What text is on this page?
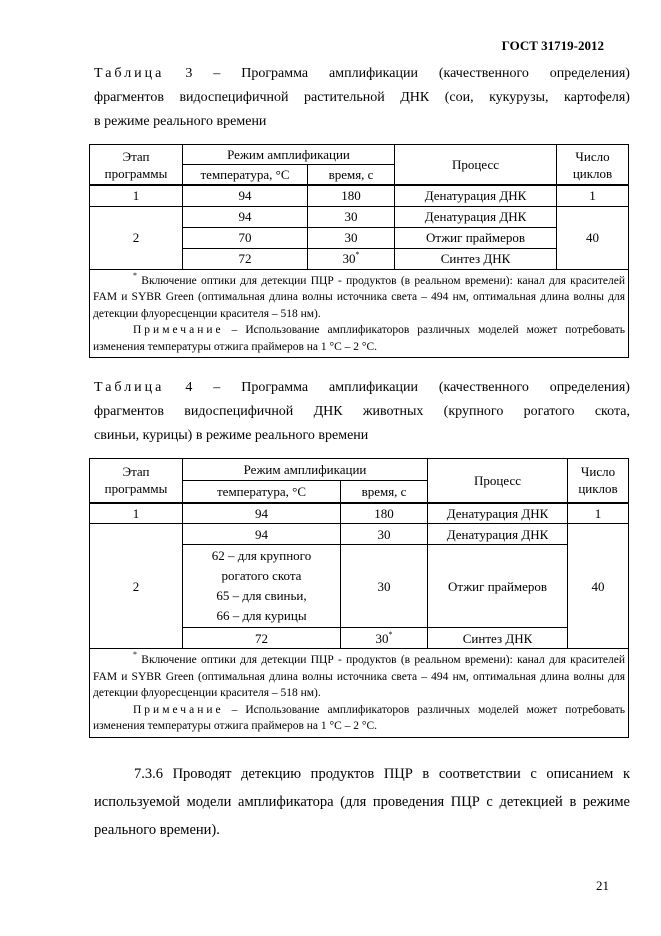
ГОСТ 31719-2012
Таблица 3 – Программа амплификации (качественного определения)
фрагментов видоспецифичной растительной ДНК (сои, кукурузы, картофеля)
в режиме реального времени
Этап
программы	Режим амплификации		Процесс	Число
циклов
	температура, °С	время, с		
1	94	180	Денатурация ДНК	1
2	94	30	Денатурация ДНК	40
	70	30	Отжиг праймеров	
	72	30*	Синтез ДНК	

* Включение оптики для детекции ПЦР - продуктов (в реальном времени): канал для красителей FAM и SYBR Green (оптимальная длина волны источника света – 494 нм, оптимальная длина волны для детекции флуоресценции красителя – 518 нм).

Примечание – Использование амплификаторов различных моделей может потребовать изменения температуры отжига праймеров на 1 °С – 2 °С.				

Таблица 4 – Программа амплификации (качественного определения)
фрагментов видоспецифичной ДНК животных (крупного рогатого скота,
свиньи, курицы) в режиме реального времени
Этап
программы	Режим амплификации		Процесс	Число
циклов
	температура, °С	время, с		
1	94	180	Денатурация ДНК	1
2	94	30	Денатурация ДНК	40
	62 – для крупного
рогатого скота
65 – для свиньи,
66 – для курицы	30	Отжиг праймеров	
	72	30*	Синтез ДНК	

* Включение оптики для детекции ПЦР - продуктов (в реальном времени): канал для красителей FAM и SYBR Green (оптимальная длина волны источника света – 494 нм, оптимальная длина волны для детекции флуоресценции красителя – 518 нм).

Примечание – Использование амплификаторов различных моделей может потребовать изменения температуры отжига праймеров на 1 °С – 2 °С.				

7.3.6 Проводят детекцию продуктов ПЦР в соответствии с описанием к используемой модели амплификатора (для проведения ПЦР с детекцией в режиме реального времени).
21
